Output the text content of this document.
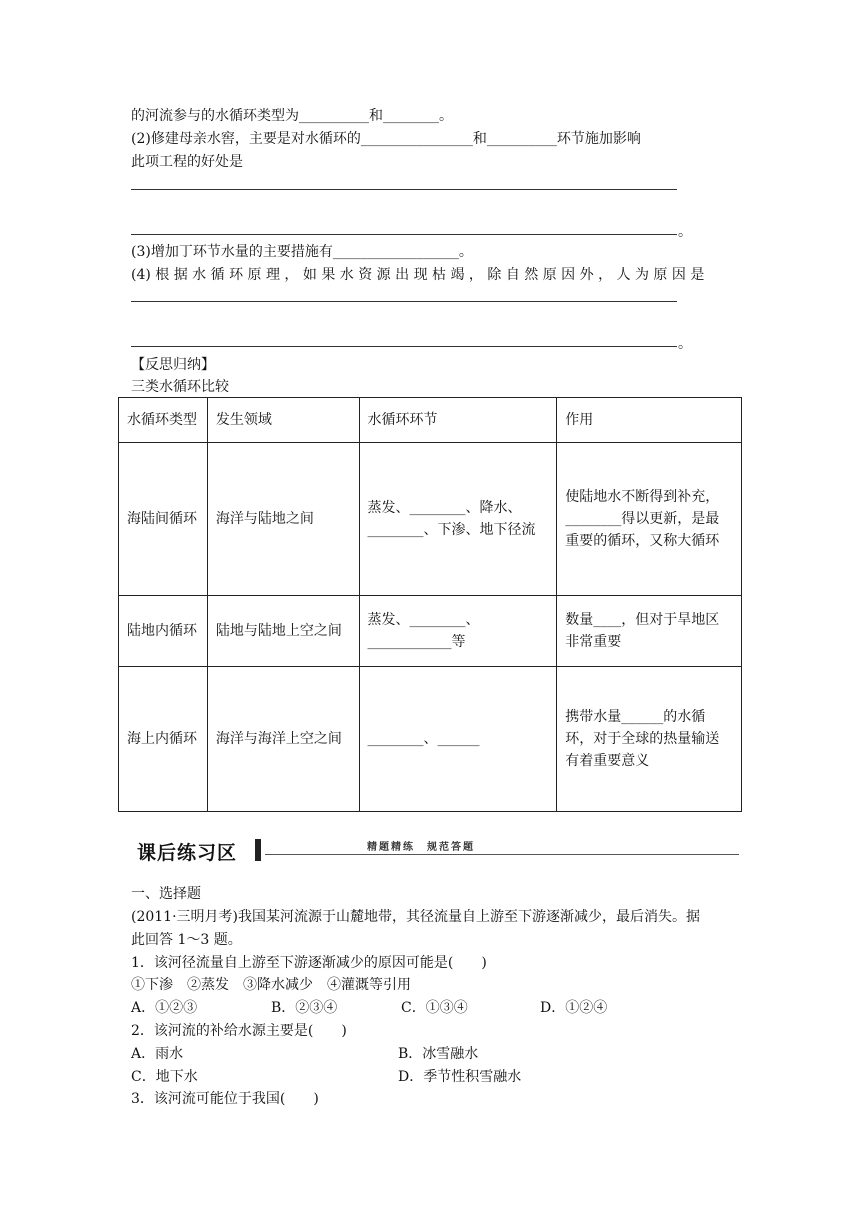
的河流参与的水循环类型为__________和________。
(2)修建母亲水窖，主要是对水循环的________________和__________环节施加影响
此项工程的好处是
。
(3)增加丁环节水量的主要措施有__________________。
(4) 根 据 水 循 环 原 理 ， 如 果 水 资 源 出 现 枯 竭 ， 除 自 然 原 因 外 ， 人 为 原 因 是
。
【反思归纳】
三类水循环比较
水循环类型	发生领域	水循环环节	作用
海陆间循环	海洋与陆地之间	蒸发、________、降水、________、下渗、地下径流	使陆地水不断得到补充，________得以更新，是最重要的循环，又称大循环
陆地内循环	陆地与陆地上空之间	蒸发、________、____________等	数量____，但对于旱地区非常重要
海上内循环	海洋与海洋上空之间	________、______	携带水量______的水循环，对于全球的热量输送有着重要意义
课后练习区	精题精练　规范答题
一、选择题
(2011·三明月考)我国某河流源于山麓地带，其径流量自上游至下游逐渐减少，最后消失。据
此回答 1～3 题。
1．该河径流量自上游至下游逐渐减少的原因可能是(　　)
①下渗　②蒸发　③降水减少　④灌溉等引用
A．①②③	B．②③④	C．①③④	D．①②④
2．该河流的补给水源主要是(　　)
A．雨水	B．冰雪融水
C．地下水	D．季节性积雪融水
3．该河流可能位于我国(　　)
